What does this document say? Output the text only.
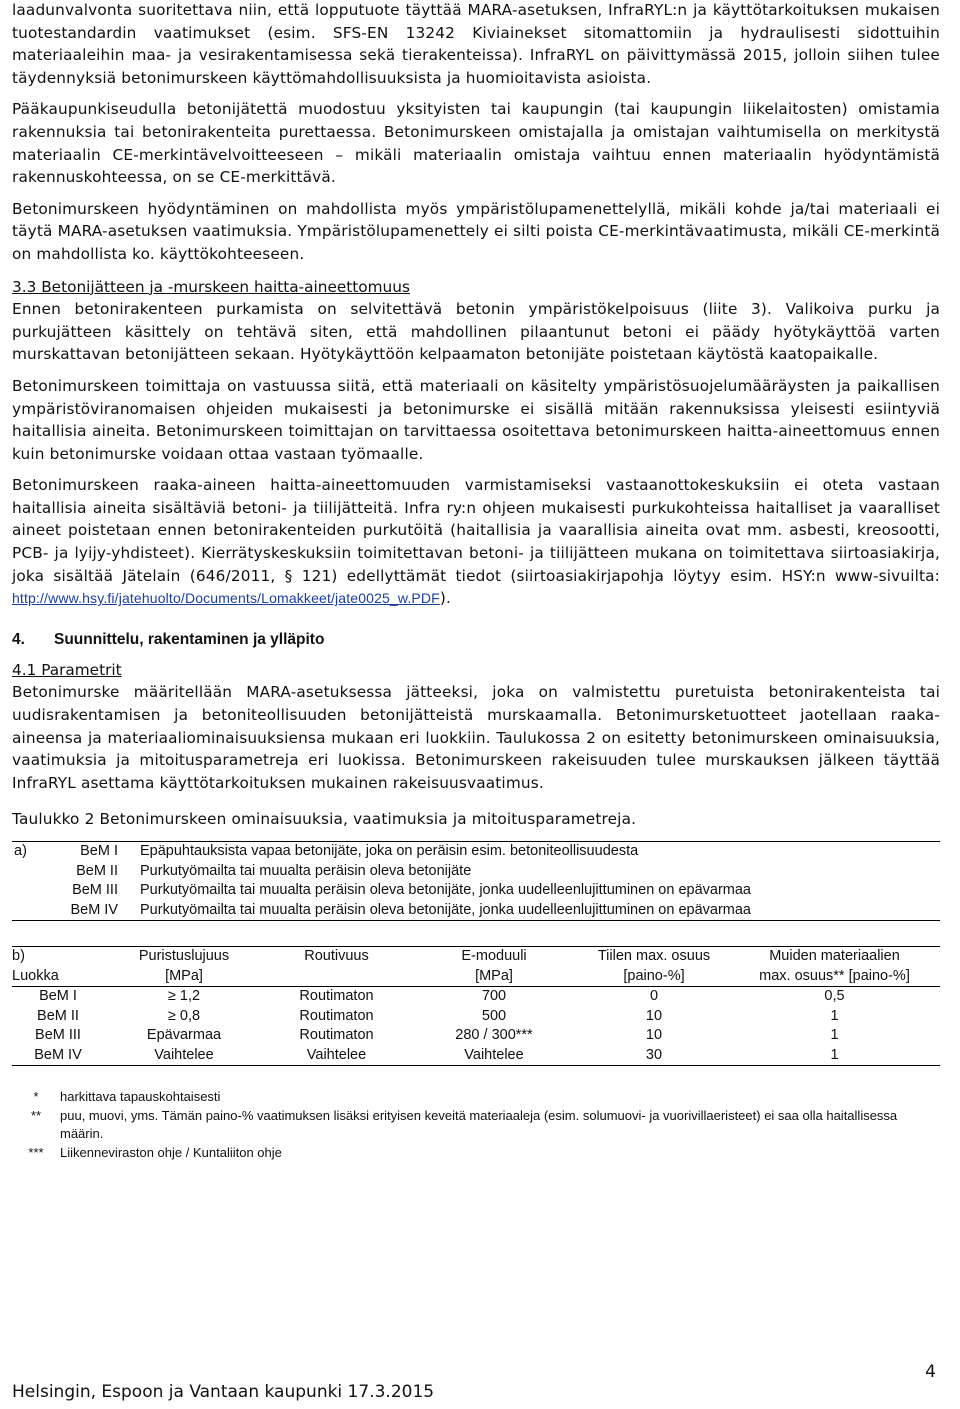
laadunvalvonta suoritettava niin, että lopputuote täyttää MARA-asetuksen, InfraRYL:n ja käyttötarkoituksen mukaisen tuotestandardin vaatimukset (esim. SFS-EN 13242 Kiviainekset sitomattomiin ja hydraulisesti sidottuihin materiaaleihin maa- ja vesirakentamisessa sekä tierakenteissa). InfraRYL on päivittymässä 2015, jolloin siihen tulee täydennyksiä betonimurskeen käyttömahdollisuuksista ja huomioitavista asioista.

Pääkaupunkiseudulla betonijätettä muodostuu yksityisten tai kaupungin (tai kaupungin liikelaitosten) omistamia rakennuksia tai betonirakenteita purettaessa. Betonimurskeen omistajalla ja omistajan vaihtumisella on merkitystä materiaalin CE-merkintävelvoitteeseen – mikäli materiaalin omistaja vaihtuu ennen materiaalin hyödyntämistä rakennuskohteessa, on se CE-merkittävä.

Betonimurskeen hyödyntäminen on mahdollista myös ympäristölupamenettelyllä, mikäli kohde ja/tai materiaali ei täytä MARA-asetuksen vaatimuksia. Ympäristölupamenettely ei silti poista CE-merkintävaatimusta, mikäli CE-merkintä on mahdollista ko. käyttökohteeseen.

3.3 Betonijätteen ja -murskeen haitta-aineettomuus

Ennen betonirakenteen purkamista on selvitettävä betonin ympäristökelpoisuus (liite 3). Valikoiva purku ja purkujätteen käsittely on tehtävä siten, että mahdollinen pilaantunut betoni ei päädy hyötykäyttöä varten murskattavan betonijätteen sekaan. Hyötykäyttöön kelpaamaton betonijäte poistetaan käytöstä kaatopaikalle.

Betonimurskeen toimittaja on vastuussa siitä, että materiaali on käsitelty ympäristösuojelumääräysten ja paikallisen ympäristöviranomaisen ohjeiden mukaisesti ja betonimurske ei sisällä mitään rakennuksissa yleisesti esiintyviä haitallisia aineita. Betonimurskeen toimittajan on tarvittaessa osoitettava betonimurskeen haitta-aineettomuus ennen kuin betonimurske voidaan ottaa vastaan työmaalle.

Betonimurskeen raaka-aineen haitta-aineettomuuden varmistamiseksi vastaanottokeskuksiin ei oteta vastaan haitallisia aineita sisältäviä betoni- ja tiilijätteitä. Infra ry:n ohjeen mukaisesti purkukohteissa haitalliset ja vaaralliset aineet poistetaan ennen betonirakenteiden purkutöitä (haitallisia ja vaarallisia aineita ovat mm. asbesti, kreosootti, PCB- ja lyijy-yhdisteet). Kierrätyskeskuksiin toimitettavan betoni- ja tiilijätteen mukana on toimitettava siirtoasiakirja, joka sisältää Jätelain (646/2011, § 121) edellyttämät tiedot (siirtoasiakirjapohja löytyy esim. HSY:n www-sivuilta: http://www.hsy.fi/jatehuolto/Documents/Lomakkeet/jate0025_w.PDF).

4. Suunnittelu, rakentaminen ja ylläpito

4.1 Parametrit

Betonimurske määritellään MARA-asetuksessa jätteeksi, joka on valmistettu puretuista betonirakenteista tai uudisrakentamisen ja betoniteollisuuden betonijätteistä murskaamalla. Betonimursketuotteet jaotellaan raaka-aineensa ja materiaaliominaisuuksiensa mukaan eri luokkiin. Taulukossa 2 on esitetty betonimurskeen ominaisuuksia, vaatimuksia ja mitoitusparametreja eri luokissa. Betonimurskeen rakeisuuden tulee murskauksen jälkeen täyttää InfraRYL asettama käyttötarkoituksen mukainen rakeisuusvaatimus.

Taulukko 2 Betonimurskeen ominaisuuksia, vaatimuksia ja mitoitusparametreja.

a)	BeM I	Epäpuhtauksista vapaa betonijäte, joka on peräisin esim. betoniteollisuudesta
	BeM II	Purkutyömailta tai muualta peräisin oleva betonijäte
	BeM III	Purkutyömailta tai muualta peräisin oleva betonijäte, jonka uudelleenlujittuminen on epävarmaa
	BeM IV	Purkutyömailta tai muualta peräisin oleva betonijäte, jonka uudelleenlujittuminen on epävarmaa
b)	Puristuslujuus	Routivuus	E-moduuli	Tiilen max. osuus	Muiden materiaalien
Luokka	[MPa]		[MPa]	[paino-%]	max. osuus** [paino-%]
BeM I	≥ 1,2	Routimaton	700	0	0,5
BeM II	≥ 0,8	Routimaton	500	10	1
BeM III	Epävarmaa	Routimaton	280 / 300***	10	1
BeM IV	Vaihtelee	Vaihtelee	Vaihtelee	30	1
*	harkittava tapauskohtaisesti
**	puu, muovi, yms. Tämän paino-% vaatimuksen lisäksi erityisen keveitä materiaaleja (esim. solumuovi- ja vuorivillaeristeet) ei saa olla haitallisessa määrin.
***	Liikenneviraston ohje / Kuntaliiton ohje
4
Helsingin, Espoon ja Vantaan kaupunki 17.3.2015
